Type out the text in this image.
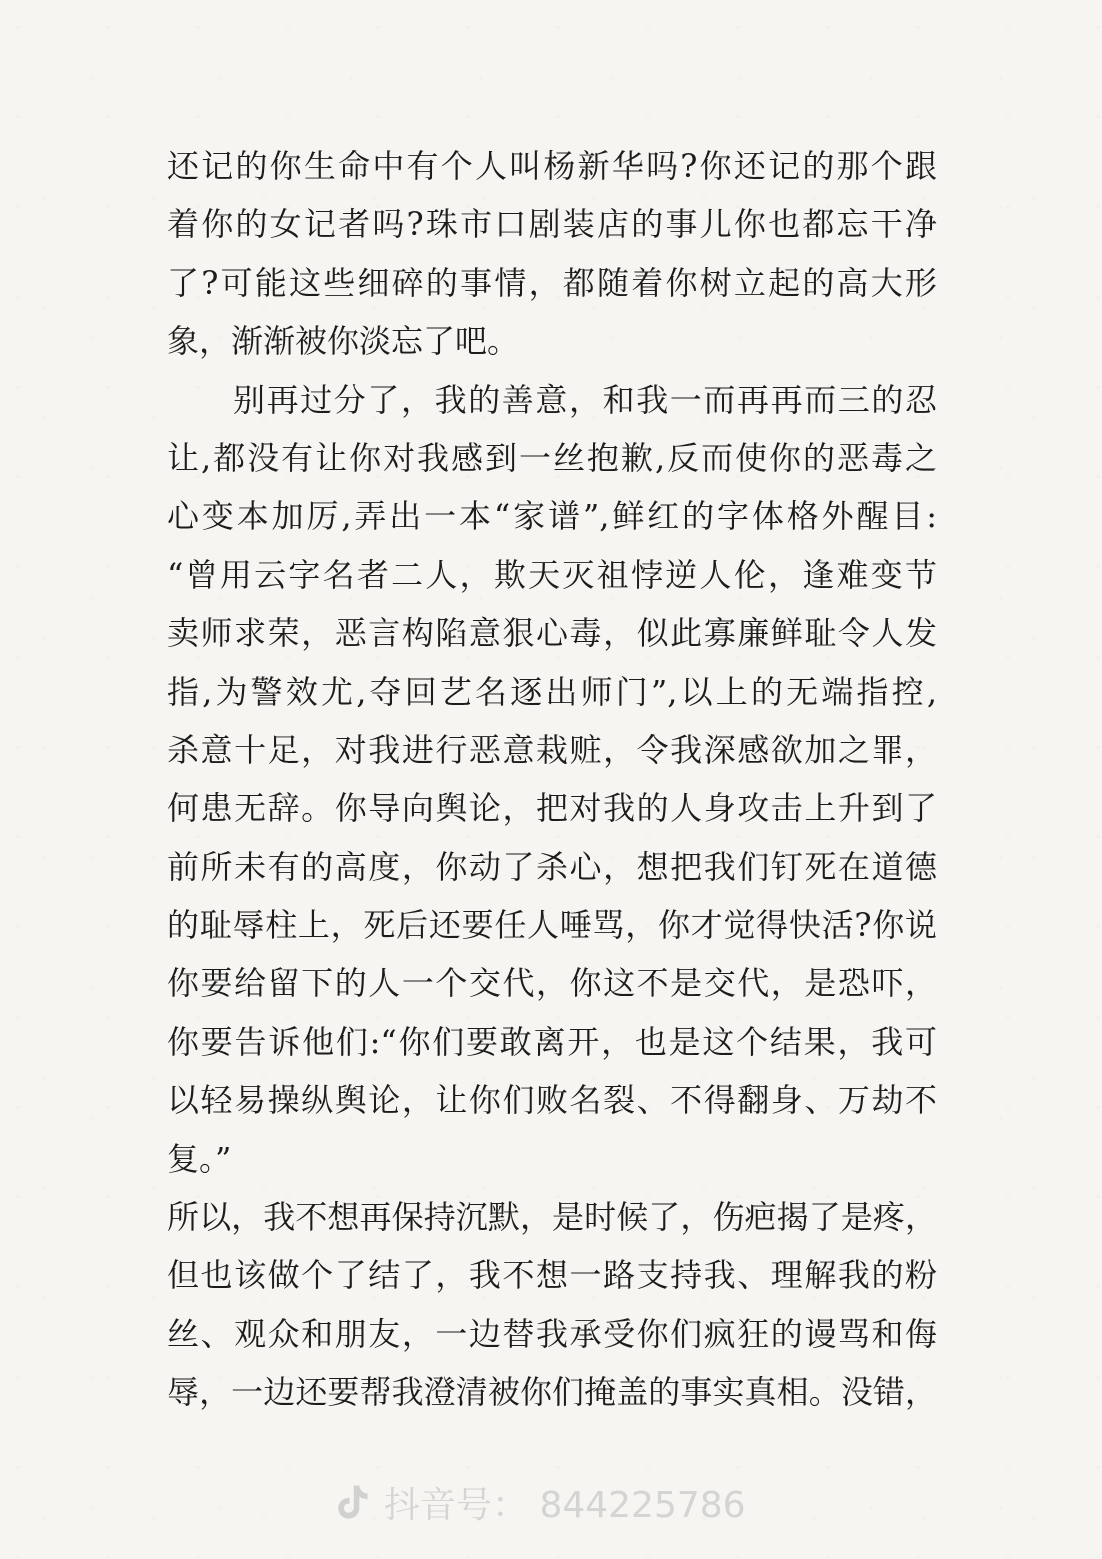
还记的你生命中有个人叫杨新华吗?你还记的那个跟
着你的女记者吗?珠市口剧装店的事儿你也都忘干净
了?可能这些细碎的事情，都随着你树立起的高大形
象，渐渐被你淡忘了吧。
别再过分了，我的善意，和我一而再再而三的忍
让,都没有让你对我感到一丝抱歉,反而使你的恶毒之
心变本加厉,弄出一本“家谱”,鲜红的字体格外醒目:
“曾用云字名者二人，欺天灭祖悖逆人伦，逢难变节
卖师求荣，恶言构陷意狠心毒，似此寡廉鲜耻令人发
指,为警效尤,夺回艺名逐出师门”,以上的无端指控,
杀意十足，对我进行恶意栽赃，令我深感欲加之罪，
何患无辞。你导向舆论，把对我的人身攻击上升到了
前所未有的高度，你动了杀心，想把我们钉死在道德
的耻辱柱上，死后还要任人唾骂，你才觉得快活?你说
你要给留下的人一个交代，你这不是交代，是恐吓，
你要告诉他们:“你们要敢离开，也是这个结果，我可
以轻易操纵舆论，让你们败名裂、不得翻身、万劫不
复。”
所以，我不想再保持沉默，是时候了，伤疤揭了是疼，
但也该做个了结了，我不想一路支持我、理解我的粉
丝、观众和朋友，一边替我承受你们疯狂的谩骂和侮
辱，一边还要帮我澄清被你们掩盖的事实真相。没错，
抖音号： 844225786
